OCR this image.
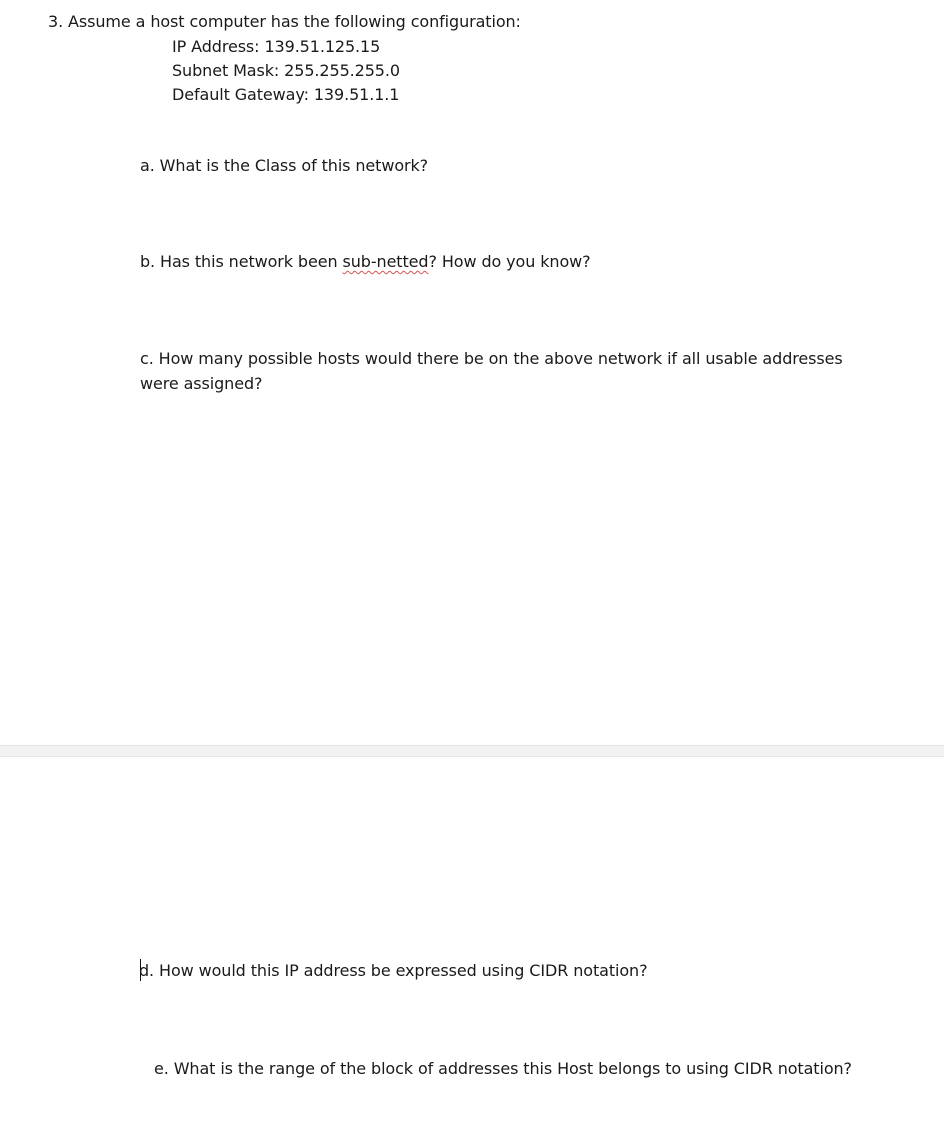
3. Assume a host computer has the following configuration:
IP Address: 139.51.125.15
Subnet Mask: 255.255.255.0
Default Gateway: 139.51.1.1
a. What is the Class of this network?
b. Has this network been sub-netted? How do you know?
c. How many possible hosts would there be on the above network if all usable addresses were assigned?
d. How would this IP address be expressed using CIDR notation?
e. What is the range of the block of addresses this Host belongs to using CIDR notation?
